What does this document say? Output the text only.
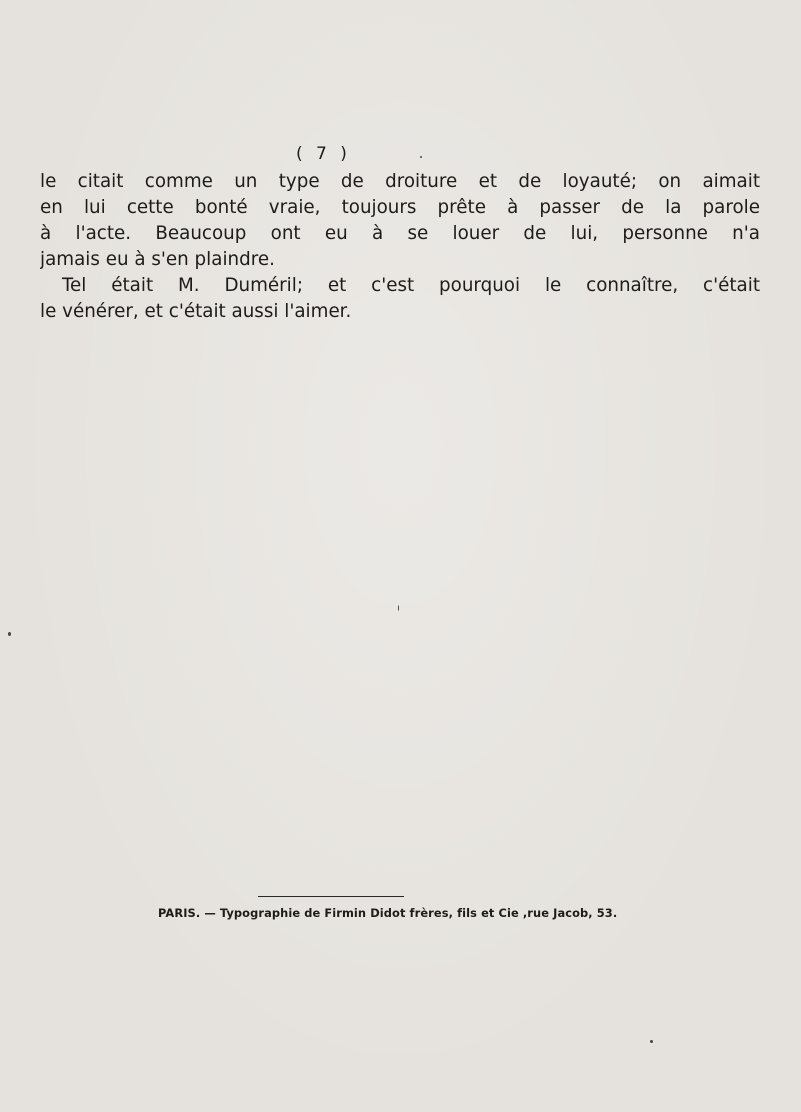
( 7 )
le citait comme un type de droiture et de loyauté; on aimait
en lui cette bonté vraie, toujours prête à passer de la parole
à l'acte. Beaucoup ont eu à se louer de lui, personne n'a
jamais eu à s'en plaindre.
Tel était M. Duméril; et c'est pourquoi le connaître, c'était
le vénérer, et c'était aussi l'aimer.
PARIS. — Typographie de Firmin Didot frères, fils et Cie ,rue Jacob, 53.
